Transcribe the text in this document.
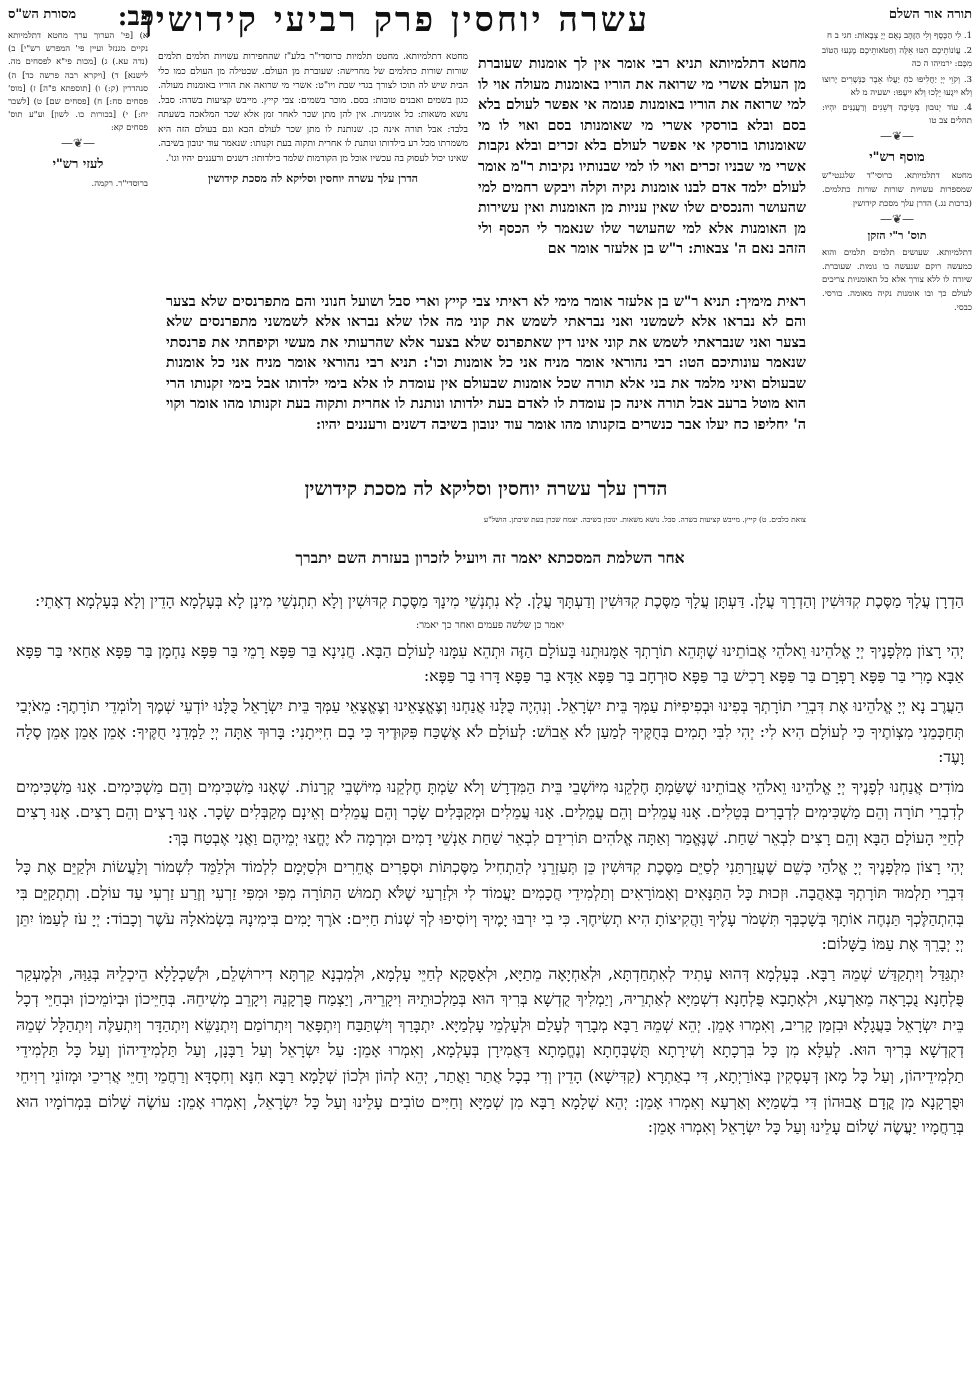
תורה אור השלם
פב:
עשרה יוחסין פרק רביעי קידושין
מסורת הש"ס

1. לִי הַכֶּסֶף וְלִי הַזָּהָב נְאֻם יְיָ צְבָאוֹת: חגי ב ח

2. עֲוֹנוֹתֵיכֶם הִטּוּ אֵלֶּה וְחַטֹּאותֵיכֶם מָנְעוּ הַטּוֹב מִכֶּם: ירמיהו ה כה

3. וְקֹוֵי יְיָ יַחֲלִיפוּ כֹחַ יַעֲלוּ אֵבֶר כַּנְּשָׁרִים יָרוּצוּ וְלֹא יִיגָעוּ יֵלְכוּ וְלֹא יִיעָפוּ: ישעיה מ לא

4. עוֹד יְנוּבוּן בְּשֵׂיבָה דְּשֵׁנִים וְרַעֲנַנִּים יִהְיוּ: תהלים צב טו

—❦—
מוסף רש"י
מחטא דתלמיותא. כרוסי"ד שלגנטי"ש שמספרות עשויות שורות שורות כתלמים. (ברכות נג.) הדרן עלך מסכת קידושין
—❦—
תוס' ר"י הזקן
דתלמיותא. שעושים תלמים תלמים והוא כמעשה רוקם שנעשה בו גומות. שעוברת. שיורה לו ללא צורך אלא כל האומניות צריכים לעולם כך ובו אומנות נקיה מאומה. בורסי. כבסי.
מחטא דתלמיותא תניא רבי אומר אין לך אומנות שעוברת מן העולם אשרי מי שרואה את הוריו באומנות מעולה אוי לו למי שרואה את הוריו באומנות פגומה אי אפשר לעולם בלא בסם ובלא בורסקי אשרי מי שאומנותו בסם ואוי לו מי שאומנותו בורסקי אי אפשר לעולם בלא זכרים ובלא נקבות אשרי מי שבניו זכרים ואוי לו למי שבנותיו נקיבות ר"מ אומר לעולם ילמד אדם לבנו אומנות נקיה וקלה ויבקש רחמים למי שהעושר והנכסים שלו שאין עניות מן האומנות ואין עשירות מן האומנות אלא למי שהעושר שלו שנאמר לי הכסף ולי הזהב נאם ה' צבאות: ר"ש בן אלעזר אומר אם

מחטא דתלמיותא. מחטט תלמיות כרוסדי"ר בלע"ז שהחפירות עשויות תלמים תלמים שורות שורות כתלמים של מחרישה: שעוברת מן העולם. שבטילה מן העולם כמו כלי הבית שיש לה תוכו לצורך בגדי שבת ויו"ט: אשרי מי שרואה את הוריו באומנות מעולה. כגון בשמים ואבנים טובות: בסם. מוכר בשמים: צבי קייץ. מייבש קציעות בשדה: סבל. נושא משאות: כל אומניות. אין להן מתן שכר לאחר זמן אלא שכר המלאכה בשעתה בלבד: אבל תורה אינה כן. שנותנת לו מתן שכר לעולם הבא וגם בעולם הזה היא משמרתו מכל רע בילדותו ונותנת לו אחרית ותקוה בעת זקנותו: שנאמר עוד ינובון בשיבה. שאינו יכול לעסוק בה עכשיו אוכל מן הקודמות שלמד בילדותו: דשנים ורעננים יהיו וגו'.

הדרן עלך עשרה יוחסין וסליקא לה מסכת קידושין
א) [פי' הערוך ערך מחטא דתלמיותא נקיים מגנזל ועיין פי' המפרש רש"י] ב) (נדה עא.) ג) [מכות פי"א לפסחים מה. לישנא] ד) [ויקרא רבה פרשה כד] ה) סנהדרין (ק:) ו) [תוספתא פ"ה] ז) [מוס' פסחים סח:] ח) [פסחים שם] ט) [לשכר יח:] י) [בכורות כו. לשון] וע"ע תוס' פסחים קא:
—❦—
לעזי רש"י
ברוסדי"ר. רקמה.
ראית מימיך: תניא ר"ש בן אלעזר אומר מימי לא ראיתי צבי קייץ וארי סבל ושועל חנוני והם מתפרנסים שלא בצער והם לא נבראו אלא לשמשני ואני נבראתי לשמש את קוני מה אלו שלא נבראו אלא לשמשני מתפרנסים שלא בצער ואני שנבראתי לשמש את קוני אינו דין שאתפרנס שלא בצער אלא שהרעותי את מעשי וקיפחתי את פרנסתי שנאמר עונותיכם הטו: רבי נהוראי אומר מניח אני כל אומנות וכו': תניא רבי נהוראי אומר מניח אני כל אומנות שבעולם ואיני מלמד את בני אלא תורה שכל אומנות שבעולם אין עומדת לו אלא בימי ילדותו אבל בימי זקנותו הרי הוא מוטל ברעב אבל תורה אינה כן עומדת לו לאדם בעת ילדותו ונותנת לו אחרית ותקוה בעת זקנותו מהו אומר וקוי ה' יחליפו כח יעלו אבר כנשרים בזקנותו מהו אומר עוד ינובון בשיבה דשנים ורעננים יהיו:
הדרן עלך עשרה יוחסין וסליקא לה מסכת קידושין
צואת כלבים. ט) קייץ. מייבש קציעות בשדה. סבל. נושא משאות. ינובון בשיבה. יצמח שכרן בעת שיבתן. הושל"ע
אחר השלמת המסכתא יאמר זה ויועיל לזכרון בעזרת השם יתברך

הַדְרָן עֲלָךְ מַסֶּכֶת קִדּוּשִׁין וְהַדְרָךְ עֲלָן. דַּעְתָּן עֲלָךְ מַסֶּכֶת קִדּוּשִׁין וְדַעְתָּךְ עֲלָן. לָא נִתְנְשֵׁי מִינָךְ מַסֶּכֶת קִדּוּשִׁין וְלָא תִתְנְשֵׁי מִינָן לָא בְּעָלְמָא הָדֵין וְלָא בְּעָלְמָא דְאָתֵי:

יאמר כן שלשה פעמים ואחר כך יאמר:

יְהִי רָצוֹן מִלְּפָנֶיךָ יְיָ אֱלֹהֵינוּ וֵאלֹהֵי אֲבוֹתֵינוּ שֶׁתְּהֵא תוֹרָתְךָ אֻמָּנוּתֵנוּ בָּעוֹלָם הַזֶּה וּתְהֵא עִמָּנוּ לָעוֹלָם הַבָּא. חֲנִינָא בַּר פַּפָּא רָמֵי בַּר פַּפָּא נַחְמָן בַּר פַּפָּא אַחַאי בַּר פַּפָּא אַבָּא מָרִי בַּר פַּפָּא רָפְרָם בַּר פַּפָּא רָכִישׁ בַּר פַּפָּא סוּרְחָב בַּר פַּפָּא אַדָּא בַּר פַּפָּא דָּרוּ בַּר פַּפָּא:

הַעֲרֶב נָא יְיָ אֱלֹהֵינוּ אֶת דִּבְרֵי תוֹרָתְךָ בְּפִינוּ וּבְפִיפִיּוֹת עַמְּךָ בֵּית יִשְׂרָאֵל. וְנִהְיֶה כֻּלָּנוּ אֲנַחְנוּ וְצֶאֱצָאֵינוּ וְצֶאֱצָאֵי עַמְּךָ בֵּית יִשְׂרָאֵל כֻּלָּנוּ יוֹדְעֵי שְׁמֶךָ וְלוֹמְדֵי תוֹרָתֶךָ: מֵאֹיְבַי תְּחַכְּמֵנִי מִצְוֹתֶיךָ כִּי לְעוֹלָם הִיא לִי: יְהִי לִבִּי תָמִים בְּחֻקֶּיךָ לְמַעַן לֹא אֵבוֹשׁ: לְעוֹלָם לֹא אֶשְׁכַּח פִּקּוּדֶיךָ כִּי בָם חִיִּיתָנִי: בָּרוּךְ אַתָּה יְיָ לַמְּדֵנִי חֻקֶּיךָ: אָמֵן אָמֵן אָמֵן סֶלָה וָעֶד:

מוֹדִים אֲנַחְנוּ לְפָנֶיךָ יְיָ אֱלֹהֵינוּ וֵאלֹהֵי אֲבוֹתֵינוּ שֶׁשַּׂמְתָּ חֶלְקֵנוּ מִיּוֹשְׁבֵי בֵּית הַמִּדְרָשׁ וְלֹא שַׂמְתָּ חֶלְקֵנוּ מִיּוֹשְׁבֵי קְרָנוֹת. שֶׁאָנוּ מַשְׁכִּימִים וְהֵם מַשְׁכִּימִים. אָנוּ מַשְׁכִּימִים לְדִבְרֵי תוֹרָה וְהֵם מַשְׁכִּימִים לִדְבָרִים בְּטֵלִים. אָנוּ עֲמֵלִים וְהֵם עֲמֵלִים. אָנוּ עֲמֵלִים וּמְקַבְּלִים שָׂכָר וְהֵם עֲמֵלִים וְאֵינָם מְקַבְּלִים שָׂכָר. אָנוּ רָצִים וְהֵם רָצִים. אָנוּ רָצִים לְחַיֵּי הָעוֹלָם הַבָּא וְהֵם רָצִים לִבְאֵר שַׁחַת. שֶׁנֶּאֱמַר וְאַתָּה אֱלֹהִים תּוֹרִידֵם לִבְאֵר שַׁחַת אַנְשֵׁי דָמִים וּמִרְמָה לֹא יֶחֱצוּ יְמֵיהֶם וַאֲנִי אֶבְטַח בָּךְ:

יְהִי רָצוֹן מִלְּפָנֶיךָ יְיָ אֱלֹהַי כְּשֵׁם שֶׁעֲזַרְתַּנִי לְסַיֵּם מַסֶּכֶת קִדּוּשִׁין כֵּן תְּעַזְרֵנִי לְהַתְחִיל מַסֶּכְתּוֹת וּסְפָרִים אֲחֵרִים וּלְסַיְּמָם לִלְמוֹד וּלְלַמֵּד לִשְׁמוֹר וְלַעֲשׂוֹת וּלְקַיֵּם אֶת כָּל דִּבְרֵי תַלְמוּד תּוֹרָתְךָ בְּאַהֲבָה. וּזְכוּת כָּל הַתַּנָּאִים וְאָמוֹרָאִים וְתַלְמִידֵי חֲכָמִים יַעֲמוֹד לִי וּלְזַרְעִי שֶׁלֹּא תָמוּשׁ הַתּוֹרָה מִפִּי וּמִפִּי זַרְעִי וְזֶרַע זַרְעִי עַד עוֹלָם. וְתִתְקַיֵּם בִּי בְּהִתְהַלֶּכְךָ תַּנְחֶה אוֹתָךְ בְּשָׁכְבְּךָ תִּשְׁמֹר עָלֶיךָ וַהֲקִיצוֹתָ הִיא תְשִׂיחֶךָ. כִּי בִי יִרְבּוּ יָמֶיךָ וְיוֹסִיפוּ לְךָ שְׁנוֹת חַיִּים: אֹרֶךְ יָמִים בִּימִינָהּ בִּשְׂמֹאלָהּ עֹשֶׁר וְכָבוֹד: יְיָ עֹז לְעַמּוֹ יִתֵּן יְיָ יְבָרֵךְ אֶת עַמּוֹ בַשָּׁלוֹם:

יִתְגַּדַּל וְיִתְקַדַּשׁ שְׁמֵהּ רַבָּא. בְּעָלְמָא דְּהוּא עָתִיד לְאִתְחַדְתָּא, וּלְאַחְיָאָה מֵתַיָּא, וּלְאַסָּקָא לְחַיֵּי עָלְמָא, וּלְמִבְנָא קַרְתָּא דִירוּשְׁלֵם, וּלְשַׁכְלָלָא הֵיכְלֵיהּ בְּגַוַּהּ, וּלְמֶעְקַר פֻּלְחָנָא נֻכְרָאָה מֵאַרְעָא, וּלְאָתָבָא פֻּלְחָנָא דִשְׁמַיָּא לְאַתְרֵיהּ, וְיַמְלִיךְ קֻדְשָׁא בְּרִיךְ הוּא בְּמַלְכוּתֵיהּ וִיקָרֵיהּ, וְיַצְמַח פֻּרְקָנֵהּ וִיקָרֵב מְשִׁיחֵהּ. בְּחַיֵּיכוֹן וּבְיוֹמֵיכוֹן וּבְחַיֵּי דְכָל בֵּית יִשְׂרָאֵל בַּעֲגָלָא וּבִזְמַן קָרִיב, וְאִמְרוּ אָמֵן. יְהֵא שְׁמֵהּ רַבָּא מְבָרַךְ לְעָלַם וּלְעָלְמֵי עָלְמַיָּא. יִתְבָּרַךְ וְיִשְׁתַּבַּח וְיִתְפָּאַר וְיִתְרוֹמַם וְיִתְנַשֵּׂא וְיִתְהַדָּר וְיִתְעַלֶּה וְיִתְהַלָּל שְׁמֵהּ דְקֻדְשָׁא בְּרִיךְ הוּא. לְעֵלָּא מִן כָּל בִּרְכָתָא וְשִׁירָתָא תֻּשְׁבְּחָתָא וְנֶחֱמָתָא דַּאֲמִירָן בְּעָלְמָא, וְאִמְרוּ אָמֵן: עַל יִשְׂרָאֵל וְעַל רַבָּנָן, וְעַל תַּלְמִידֵיהוֹן וְעַל כָּל תַּלְמִידֵי תַלְמִידֵיהוֹן, וְעַל כָּל מָאן דְּעָסְקִין בְּאוֹרַיְתָא, דִּי בְאַתְרָא (קַדִּישָׁא) הָדֵין וְדִי בְכָל אֲתַר וַאֲתַר, יְהֵא לְהוֹן וּלְכוֹן שְׁלָמָא רַבָּא חִנָּא וְחִסְדָּא וְרַחֲמֵי וְחַיֵּי אֲרִיכֵי וּמְזוֹנֵי רְוִיחֵי וּפֻרְקָנָא מִן קֳדָם אֲבוּהוֹן דִּי בִשְׁמַיָּא וְאַרְעָא וְאִמְרוּ אָמֵן: יְהֵא שְׁלָמָא רַבָּא מִן שְׁמַיָּא וְחַיִּים טוֹבִים עָלֵינוּ וְעַל כָּל יִשְׂרָאֵל, וְאִמְרוּ אָמֵן: עוֹשֶׂה שָׁלוֹם בִּמְרוֹמָיו הוּא בְּרַחֲמָיו יַעֲשֶׂה שָׁלוֹם עָלֵינוּ וְעַל כָּל יִשְׂרָאֵל וְאִמְרוּ אָמֵן:
